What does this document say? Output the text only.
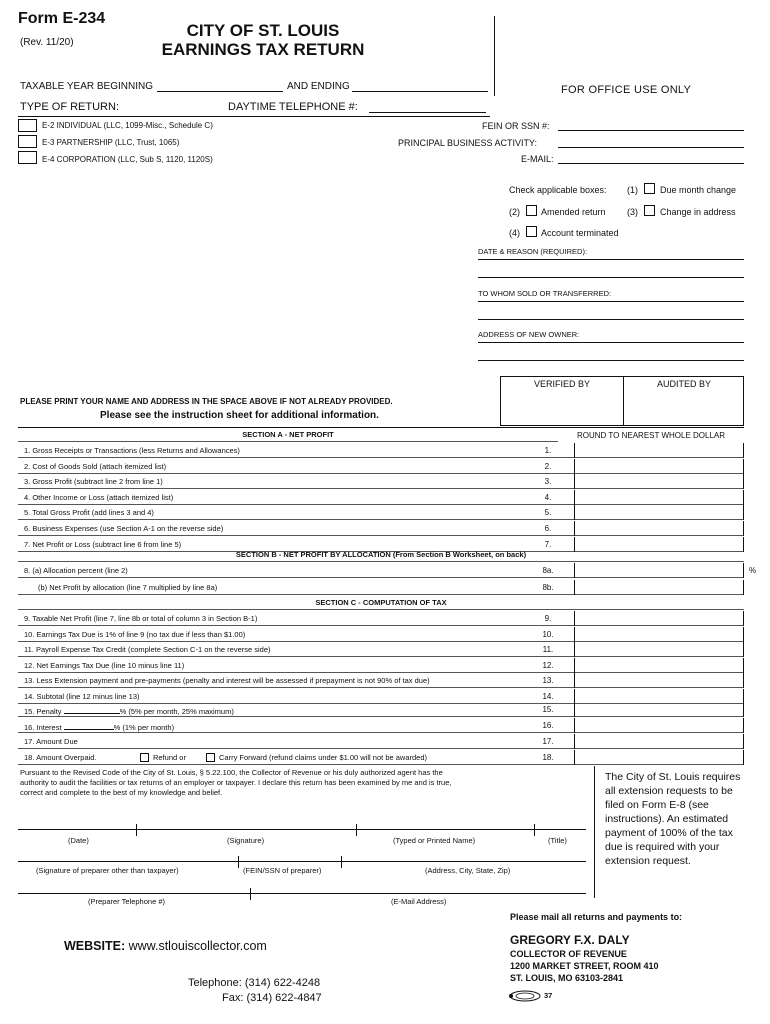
Form E-234
(Rev. 11/20)
CITY OF ST. LOUIS
EARNINGS TAX RETURN
FOR OFFICE USE ONLY
TAXABLE YEAR BEGINNING	AND ENDING
TYPE OF RETURN:	DAYTIME TELEPHONE #:
E-2 INDIVIDUAL (LLC, 1099-Misc., Schedule C)
E-3 PARTNERSHIP (LLC, Trust, 1065)
E-4 CORPORATION (LLC, Sub S, 1120, 1120S)
FEIN OR SSN #:
PRINCIPAL BUSINESS ACTIVITY:
E-MAIL:
Check applicable boxes: (1) Due month change
(2) Amended return (3) Change in address
(4) Account terminated
DATE & REASON (REQUIRED):
TO WHOM SOLD OR TRANSFERRED:
ADDRESS OF NEW OWNER:
VERIFIED BY	AUDITED BY
PLEASE PRINT YOUR NAME AND ADDRESS IN THE SPACE ABOVE IF NOT ALREADY PROVIDED.
Please see the instruction sheet for additional information.
SECTION A - NET PROFIT	ROUND TO NEAREST WHOLE DOLLAR
1. Gross Receipts or Transactions (less Returns and Allowances)	1.
2. Cost of Goods Sold (attach itemized list)	2.
3. Gross Profit (subtract line 2 from line 1)	3.
4. Other Income or Loss (attach itemized list)	4.
5. Total Gross Profit (add lines 3 and 4)	5.
6. Business Expenses (use Section A-1 on the reverse side)	6.
7. Net Profit or Loss (subtract line 6 from line 5)	7.
SECTION B - NET PROFIT BY ALLOCATION (From Section B Worksheet, on back)
8. (a) Allocation percent (line 2)	8a.	%
(b) Net Profit by allocation (line 7 multiplied by line 8a)	8b.
SECTION C - COMPUTATION OF TAX
9. Taxable Net Profit (line 7, line 8b or total of column 3 in Section B-1)	9.
10. Earnings Tax Due is 1% of line 9 (no tax due if less than $1.00)	10.
11. Payroll Expense Tax Credit (complete Section C-1 on the reverse side)	11.
12. Net Earnings Tax Due (line 10 minus line 11)	12.
13. Less Extension payment and pre-payments (penalty and interest will be assessed if prepayment is not 90% of tax due)	13.
14. Subtotal (line 12 minus line 13)	14.
15. Penalty	% (5% per month, 25% maximum)	15.
16. Interest	% (1% per month)	16.
17. Amount Due	17.
18. Amount Overpaid.	Refund or	Carry Forward (refund claims under $1.00 will not be awarded)	18.
Pursuant to the Revised Code of the City of St. Louis, § 5.22.100, the Collector of Revenue or his duly authorized agent has the
authority to audit the facilities or tax returns of an employer or taxpayer. I declare this return has been examined by me and is true,
correct and complete to the best of my knowledge and belief.
(Date)	(Signature)	(Typed or Printed Name)	(Title)
(Signature of preparer other than taxpayer)	(FEIN/SSN of preparer)	(Address, City, State, Zip)
(Preparer Telephone #)	(E-Mail Address)
The City of St. Louis requires
all extension requests to be
filed on Form E-8 (see
instructions). An estimated
payment of 100% of the tax
due is required with your
extension request.
Please mail all returns and payments to:
WEBSITE: www.stlouiscollector.com	GREGORY F.X. DALY
COLLECTOR OF REVENUE
1200 MARKET STREET, ROOM 410
ST. LOUIS, MO 63103-2841
Telephone: (314) 622-4248
Fax: (314) 622-4847	37
